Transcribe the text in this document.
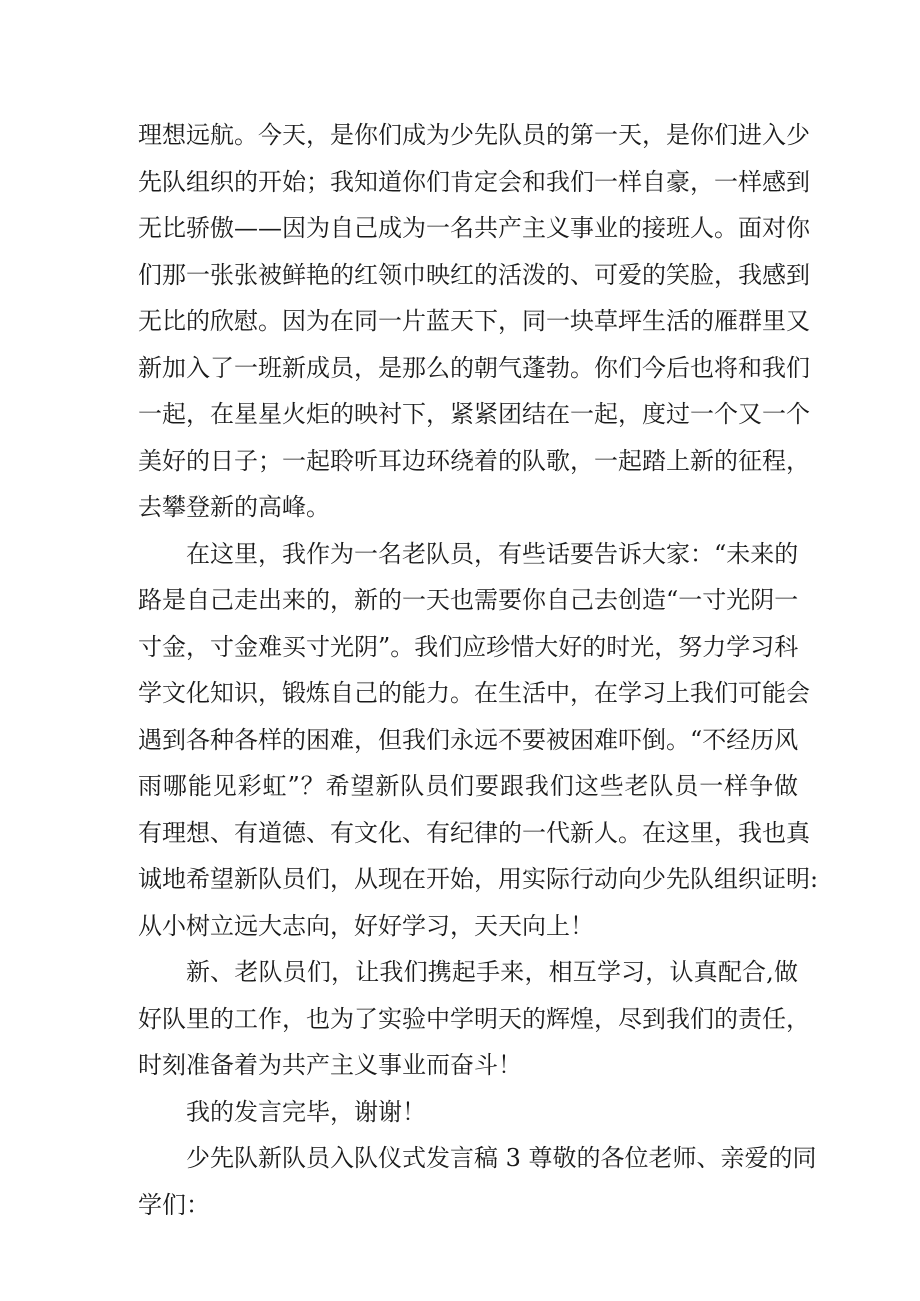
理想远航。今天，是你们成为少先队员的第一天，是你们进入少
先队组织的开始；我知道你们肯定会和我们一样自豪，一样感到
无比骄傲——因为自己成为一名共产主义事业的接班人。面对你
们那一张张被鲜艳的红领巾映红的活泼的、可爱的笑脸，我感到
无比的欣慰。因为在同一片蓝天下，同一块草坪生活的雁群里又
新加入了一班新成员，是那么的朝气蓬勃。你们今后也将和我们
一起，在星星火炬的映衬下，紧紧团结在一起，度过一个又一个
美好的日子；一起聆听耳边环绕着的队歌，一起踏上新的征程，
去攀登新的高峰。
在这里，我作为一名老队员，有些话要告诉大家：“未来的
路是自己走出来的，新的一天也需要你自己去创造“一寸光阴一
寸金，寸金难买寸光阴”。我们应珍惜大好的时光，努力学习科
学文化知识，锻炼自己的能力。在生活中，在学习上我们可能会
遇到各种各样的困难，但我们永远不要被困难吓倒。“不经历风
雨哪能见彩虹”？希望新队员们要跟我们这些老队员一样争做
有理想、有道德、有文化、有纪律的一代新人。在这里，我也真
诚地希望新队员们，从现在开始，用实际行动向少先队组织证明:
从小树立远大志向，好好学习，天天向上！
新、老队员们，让我们携起手来，相互学习，认真配合,做
好队里的工作，也为了实验中学明天的辉煌，尽到我们的责任，
时刻准备着为共产主义事业而奋斗！
我的发言完毕，谢谢！
少先队新队员入队仪式发言稿 3 尊敬的各位老师、亲爱的同
学们：
